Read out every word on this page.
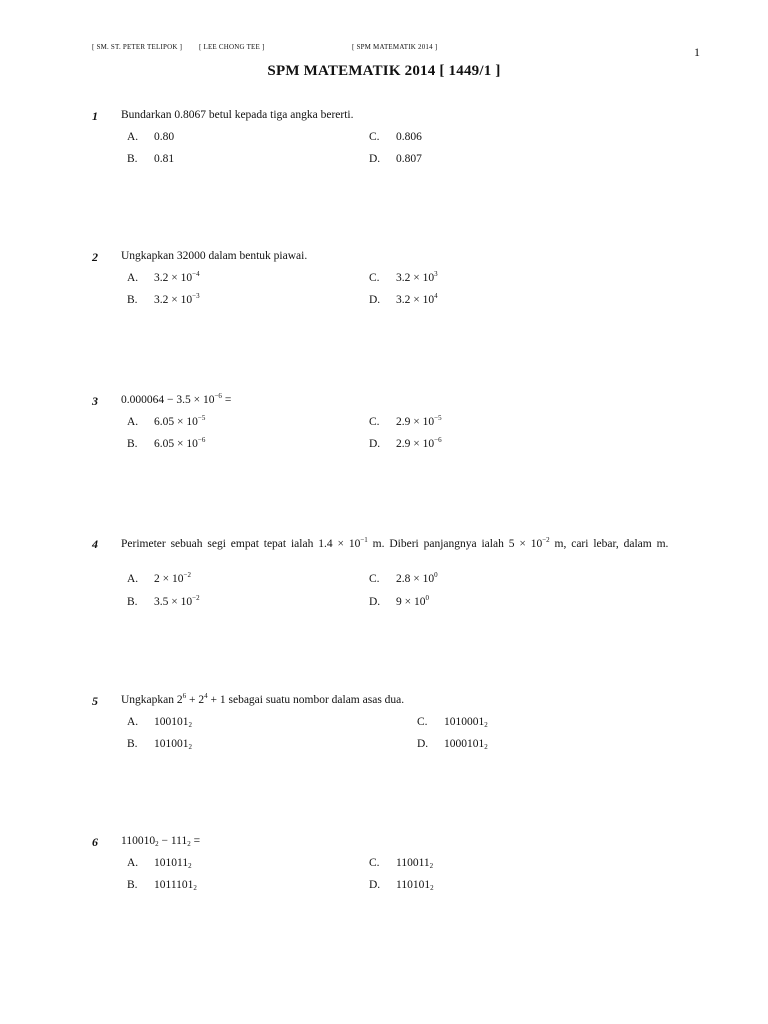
[ SM. ST. PETER TELIPOK ] [ LEE CHONG TEE ]	[ SPM MATEMATIK 2014 ]	1
SPM MATEMATIK 2014 [ 1449/1 ]
1 Bundarkan 0.8067 betul kepada tiga angka bererti.
A. 0.80
B. 0.81
C. 0.806
D. 0.807
2 Ungkapkan 32000 dalam bentuk piawai.
A. $3.2 \times 10^{-4}$
B. $3.2 \times 10^{-3}$
C. $3.2 \times 10^3$
D. $3.2 \times 10^4$
3 $0.000064 - 3.5 \times 10^{-6}$ =
A. $6.05 \times 10^{-5}$
B. $6.05 \times 10^{-6}$
C. $2.9 \times 10^{-5}$
D. $2.9 \times 10^{-6}$
4 Perimeter sebuah segi empat tepat ialah $1.4 \times 10^{-1}$ m. Diberi panjangnya ialah $5 \times 10^{-2}$ m, cari lebar, dalam m.
A. $2 \times 10^{-2}$
B. $3.5 \times 10^{-2}$
C. $2.8 \times 10^0$
D. $9 \times 10^0$
5 Ungkapkan $2^6 + 2^4 + 1$ sebagai suatu nombor dalam asas dua.
A. $100101_2$
B. $101001_2$
C. $1010001_2$
D. $1000101_2$
6 $110010_2 - 111_2$ =
A. $101011_2$
B. $1011101_2$
C. $110011_2$
D. $110101_2$
